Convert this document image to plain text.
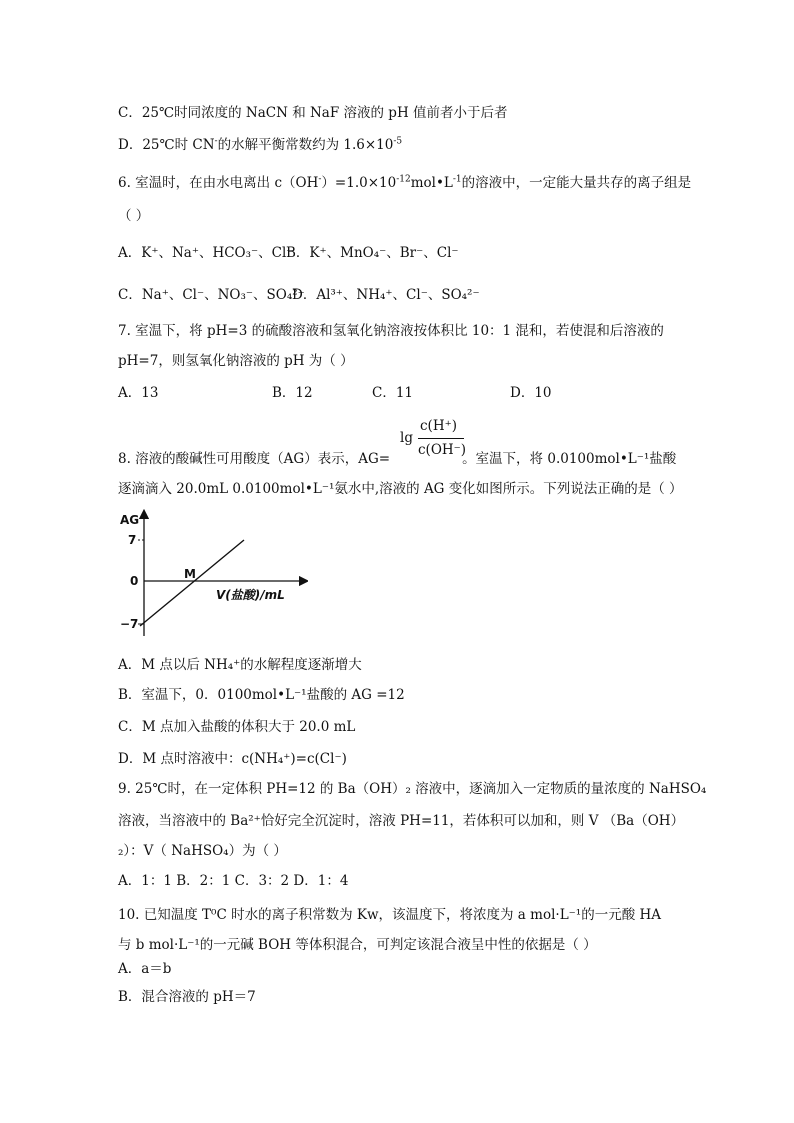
C．25℃时同浓度的 NaCN 和 NaF 溶液的 pH 值前者小于后者
D．25℃时 CN-的水解平衡常数约为 $1.6\times 10^{-5}$
6. 室温时，在由水电离出 $c(OH^-)=1.0\times 10^{-12}mol•L^{-1}$的溶液中，一定能大量共存的离子组是
（ ）
A．K⁺、Na⁺、HCO₃⁻、Cl⁻
B．K⁺、MnO₄⁻、Br⁻、Cl⁻
C．Na⁺、Cl⁻、NO₃⁻、SO₄²⁻
D．Al³⁺、NH₄⁺、Cl⁻、SO₄²⁻
7. 室温下，将 pH=3 的硫酸溶液和氢氧化钠溶液按体积比 10：1 混和，若使混和后溶液的
pH=7，则氢氧化钠溶液的 pH 为（ ）
A．13	B．12	C．11	D．10
lg
c(H⁺)
c(OH⁻)
8. 溶液的酸碱性可用酸度（AG）表示，AG=	。室温下，将 0.0100mol•L⁻¹盐酸
逐滴滴入 20.0mL 0.0100mol•L⁻¹氨水中,溶液的 AG 变化如图所示。下列说法正确的是（ ）
AG
7
0
−7
M
V(盐酸)/mL
A．M 点以后 NH₄⁺的水解程度逐渐增大
B．室温下，0．0100mol•L⁻¹盐酸的 AG =12
C．M 点加入盐酸的体积大于 20.0 mL
D．M 点时溶液中：c(NH₄⁺)=c(Cl⁻)
9. 25℃时，在一定体积 PH=12 的 Ba（OH）₂ 溶液中，逐滴加入一定物质的量浓度的 NaHSO₄
溶液，当溶液中的 Ba²⁺恰好完全沉淀时，溶液 PH=11，若体积可以加和，则 V （Ba（OH）
₂）：V（ NaHSO₄）为（ ）
A．1：1 B．2：1 C．3：2 D．1：4
10. 已知温度 T⁰C 时水的离子积常数为 Kw，该温度下，将浓度为 a mol·L⁻¹的一元酸 HA
与 b mol·L⁻¹的一元碱 BOH 等体积混合，可判定该混合液呈中性的依据是（ ）
A．a＝b
B．混合溶液的 pH＝7
